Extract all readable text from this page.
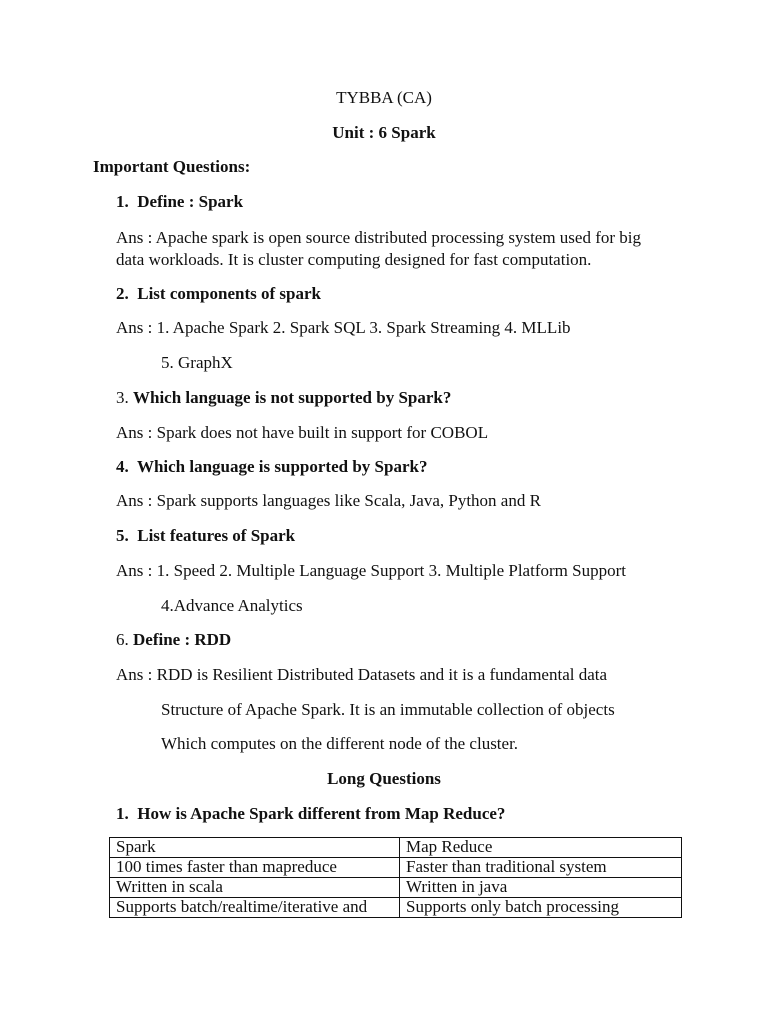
TYBBA (CA)
Unit : 6 Spark
Important Questions:
1. Define : Spark
Ans : Apache spark is open source distributed processing system used for big
data workloads. It is cluster computing designed for fast computation.
2. List components of spark
Ans : 1. Apache Spark 2. Spark SQL 3. Spark Streaming 4. MLLib
5. GraphX
3. Which language is not supported by Spark?
Ans : Spark does not have built in support for COBOL
4. Which language is supported by Spark?
Ans : Spark supports languages like Scala, Java, Python and R
5. List features of Spark
Ans : 1. Speed 2. Multiple Language Support 3. Multiple Platform Support
4.Advance Analytics
6. Define : RDD
Ans : RDD is Resilient Distributed Datasets and it is a fundamental data
Structure of Apache Spark. It is an immutable collection of objects
Which computes on the different node of the cluster.
Long Questions
1. How is Apache Spark different from Map Reduce?
Spark	Map Reduce
100 times faster than mapreduce	Faster than traditional system
Written in scala	Written in java
Supports batch/realtime/iterative and	Supports only batch processing
